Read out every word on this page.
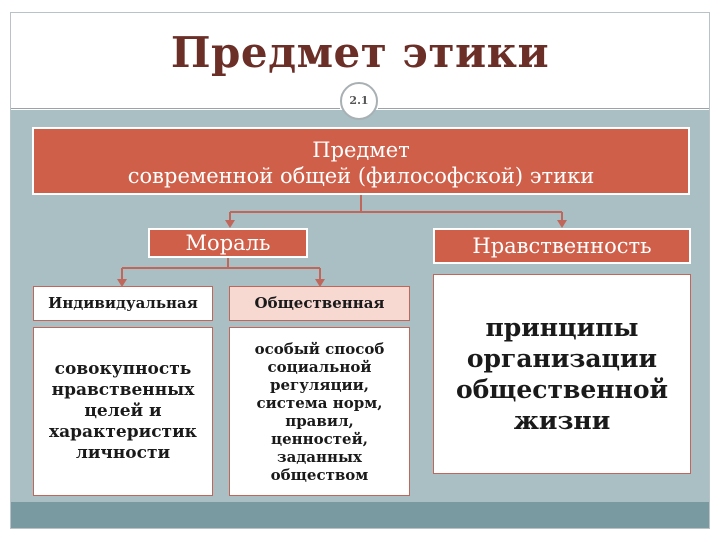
Предмет этики
2.1
Предмет
современной общей (философской) этики
Мораль	Нравственность
Индивидуальная	Общественная
совокупность
нравственных
целей и
характеристик
личности
особый способ
социальной
регуляции,
система норм,
правил,
ценностей,
заданных
обществом
принципы
организации
общественной
жизни
